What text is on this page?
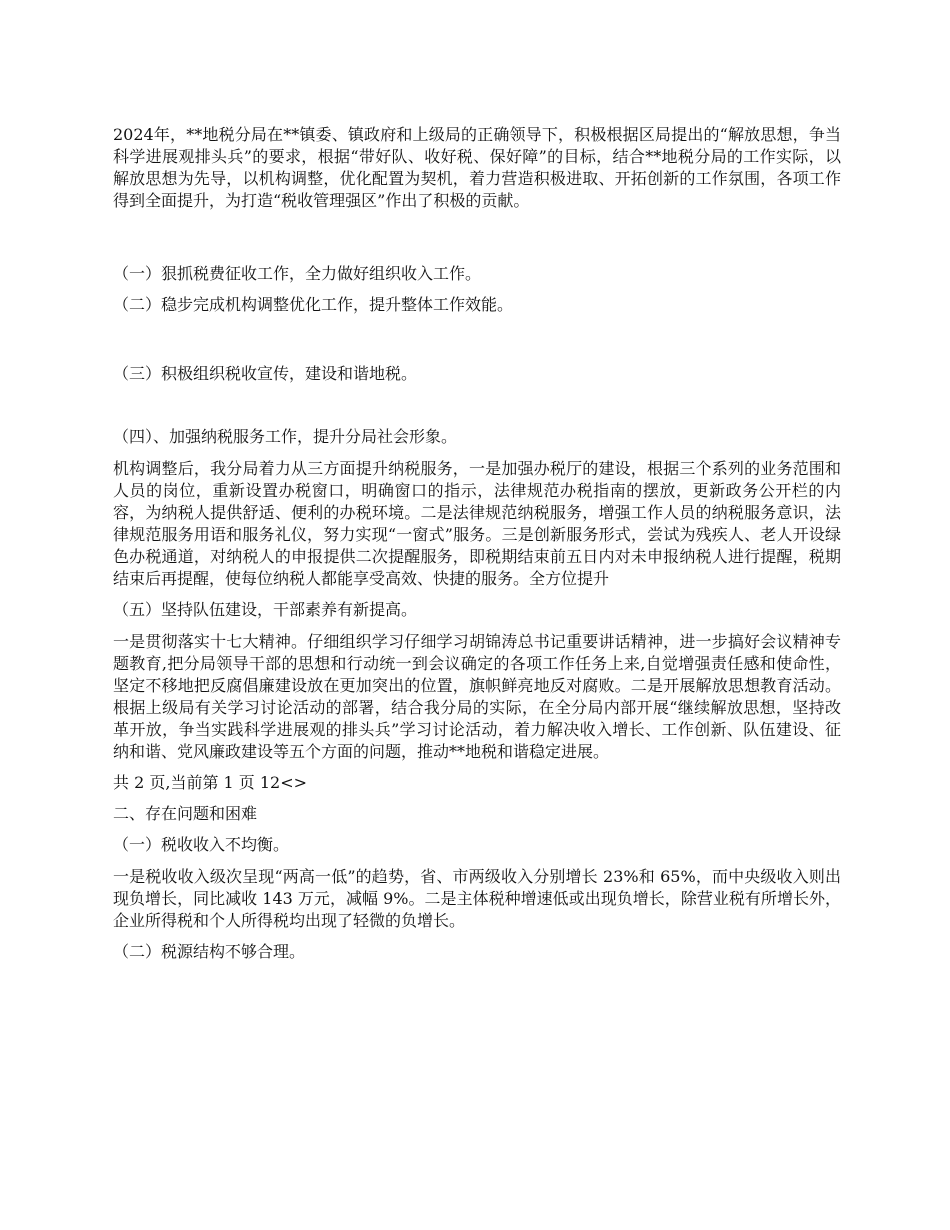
2024年，**地税分局在**镇委、镇政府和上级局的正确领导下，积极根据区局提出的“解放思想，争当科学进展观排头兵”的要求，根据“带好队、收好税、保好障”的目标，结合**地税分局的工作实际，以解放思想为先导，以机构调整，优化配置为契机，着力营造积极进取、开拓创新的工作氛围，各项工作得到全面提升，为打造“税收管理强区”作出了积极的贡献。

（一）狠抓税费征收工作，全力做好组织收入工作。

（二）稳步完成机构调整优化工作，提升整体工作效能。

（三）积极组织税收宣传，建设和谐地税。

（四）、加强纳税服务工作，提升分局社会形象。

机构调整后，我分局着力从三方面提升纳税服务，一是加强办税厅的建设，根据三个系列的业务范围和人员的岗位，重新设置办税窗口，明确窗口的指示，法律规范办税指南的摆放，更新政务公开栏的内容，为纳税人提供舒适、便利的办税环境。二是法律规范纳税服务，增强工作人员的纳税服务意识，法律规范服务用语和服务礼仪，努力实现“一窗式”服务。三是创新服务形式，尝试为残疾人、老人开设绿色办税通道，对纳税人的申报提供二次提醒服务，即税期结束前五日内对未申报纳税人进行提醒，税期结束后再提醒，使每位纳税人都能享受高效、快捷的服务。全方位提升

（五）坚持队伍建设，干部素养有新提高。

一是贯彻落实十七大精神。仔细组织学习仔细学习胡锦涛总书记重要讲话精神，进一步搞好会议精神专题教育,把分局领导干部的思想和行动统一到会议确定的各项工作任务上来,自觉增强责任感和使命性，坚定不移地把反腐倡廉建设放在更加突出的位置，旗帜鲜亮地反对腐败。二是开展解放思想教育活动。根据上级局有关学习讨论活动的部署，结合我分局的实际，在全分局内部开展“继续解放思想，坚持改革开放，争当实践科学进展观的排头兵”学习讨论活动，着力解决收入增长、工作创新、队伍建设、征纳和谐、党风廉政建设等五个方面的问题，推动**地税和谐稳定进展。

共 2 页,当前第 1 页 12<>

二、存在问题和困难

（一）税收收入不均衡。

一是税收收入级次呈现“两高一低”的趋势，省、市两级收入分别增长 23%和 65%，而中央级收入则出现负增长，同比减收 143 万元，减幅 9%。二是主体税种增速低或出现负增长，除营业税有所增长外，企业所得税和个人所得税均出现了轻微的负增长。

（二）税源结构不够合理。
